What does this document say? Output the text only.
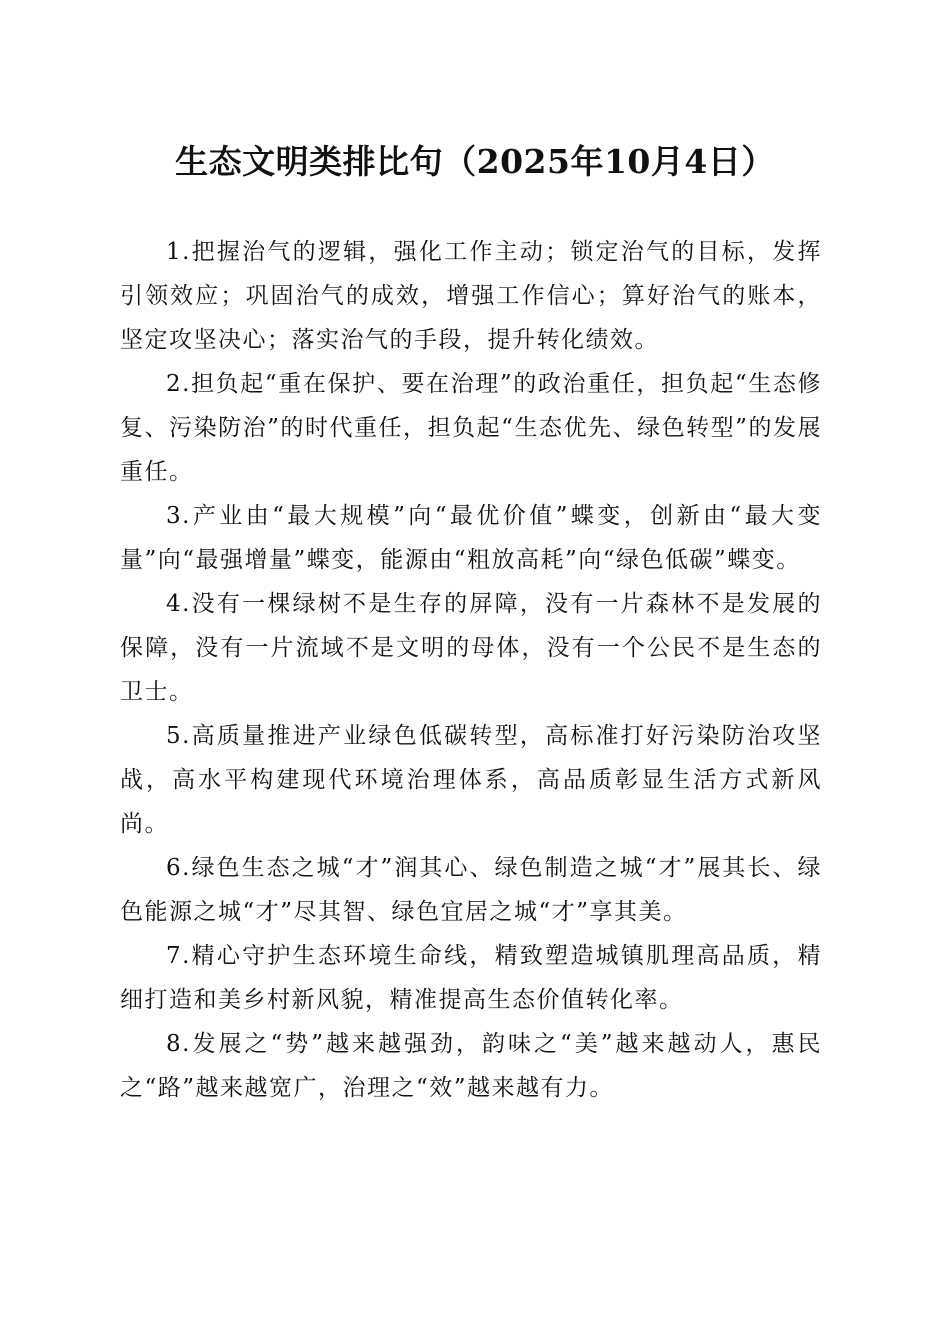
生态文明类排比句（2025年10月4日）

1.把握治气的逻辑，强化工作主动；锁定治气的目标，发挥引领效应；巩固治气的成效，增强工作信心；算好治气的账本，坚定攻坚决心；落实治气的手段，提升转化绩效。

2.担负起“重在保护、要在治理”的政治重任，担负起“生态修复、污染防治”的时代重任，担负起“生态优先、绿色转型”的发展重任。

3.产业由“最大规模”向“最优价值”蝶变，创新由“最大变量”向“最强增量”蝶变，能源由“粗放高耗”向“绿色低碳”蝶变。

4.没有一棵绿树不是生存的屏障，没有一片森林不是发展的保障，没有一片流域不是文明的母体，没有一个公民不是生态的卫士。

5.高质量推进产业绿色低碳转型，高标准打好污染防治攻坚战，高水平构建现代环境治理体系，高品质彰显生活方式新风尚。

6.绿色生态之城“才”润其心、绿色制造之城“才”展其长、绿色能源之城“才”尽其智、绿色宜居之城“才”享其美。

7.精心守护生态环境生命线，精致塑造城镇肌理高品质，精细打造和美乡村新风貌，精准提高生态价值转化率。

8.发展之“势”越来越强劲，韵味之“美”越来越动人，惠民之“路”越来越宽广，治理之“效”越来越有力。
